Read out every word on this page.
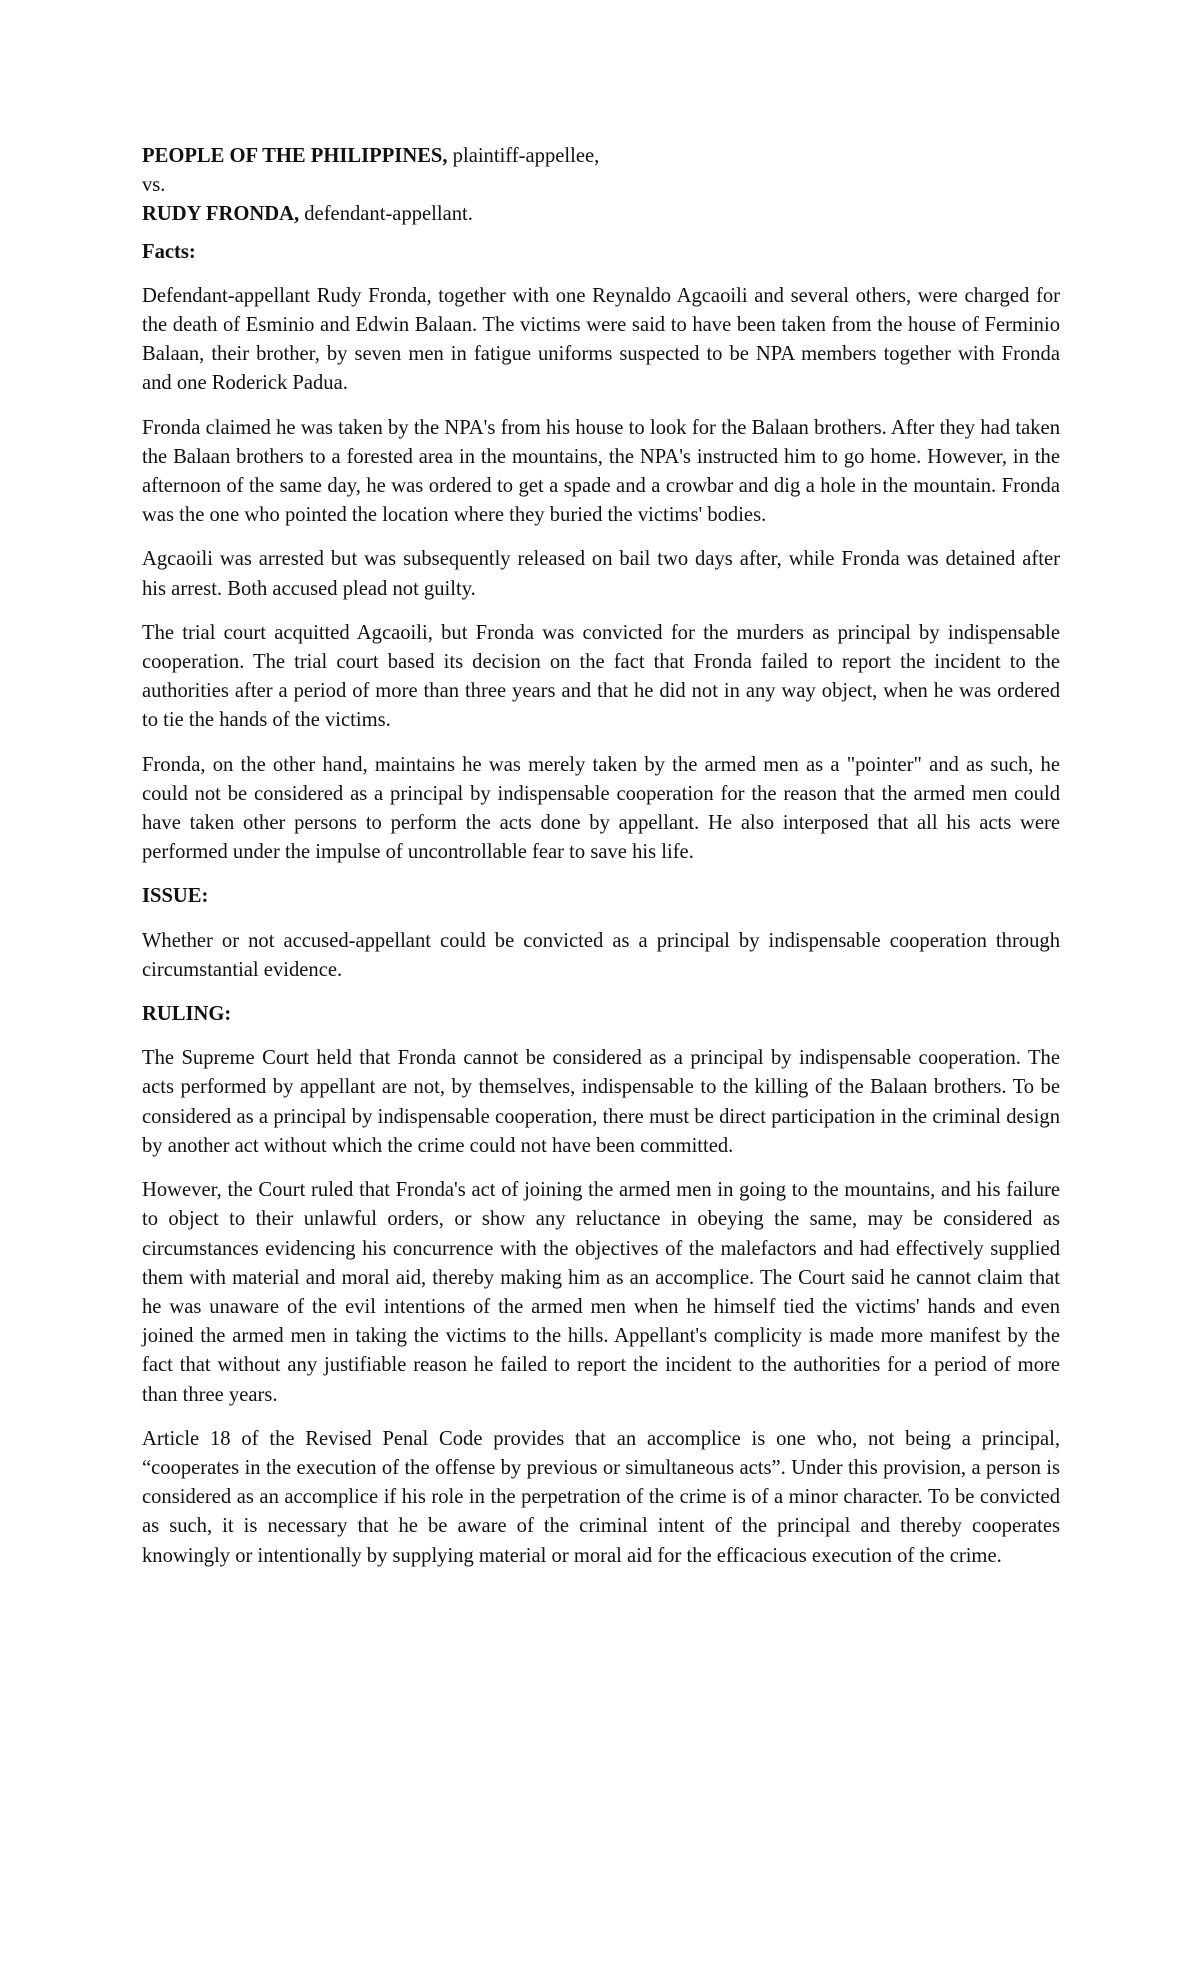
PEOPLE OF THE PHILIPPINES, plaintiff-appellee,
vs.
RUDY FRONDA, defendant-appellant.
Facts:

Defendant-appellant Rudy Fronda, together with one Reynaldo Agcaoili and several others, were charged for the death of Esminio and Edwin Balaan. The victims were said to have been taken from the house of Ferminio Balaan, their brother, by seven men in fatigue uniforms suspected to be NPA members together with Fronda and one Roderick Padua.

Fronda claimed he was taken by the NPA's from his house to look for the Balaan brothers. After they had taken the Balaan brothers to a forested area in the mountains, the NPA's instructed him to go home. However, in the afternoon of the same day, he was ordered to get a spade and a crowbar and dig a hole in the mountain. Fronda was the one who pointed the location where they buried the victims' bodies.

Agcaoili was arrested but was subsequently released on bail two days after, while Fronda was detained after his arrest. Both accused plead not guilty.

The trial court acquitted Agcaoili, but Fronda was convicted for the murders as principal by indispensable cooperation. The trial court based its decision on the fact that Fronda failed to report the incident to the authorities after a period of more than three years and that he did not in any way object, when he was ordered to tie the hands of the victims.

Fronda, on the other hand, maintains he was merely taken by the armed men as a "pointer" and as such, he could not be considered as a principal by indispensable cooperation for the reason that the armed men could have taken other persons to perform the acts done by appellant. He also interposed that all his acts were performed under the impulse of uncontrollable fear to save his life.

ISSUE:

Whether or not accused-appellant could be convicted as a principal by indispensable cooperation through circumstantial evidence.

RULING:

The Supreme Court held that Fronda cannot be considered as a principal by indispensable cooperation. The acts performed by appellant are not, by themselves, indispensable to the killing of the Balaan brothers. To be considered as a principal by indispensable cooperation, there must be direct participation in the criminal design by another act without which the crime could not have been committed.

However, the Court ruled that Fronda's act of joining the armed men in going to the mountains, and his failure to object to their unlawful orders, or show any reluctance in obeying the same, may be considered as circumstances evidencing his concurrence with the objectives of the malefactors and had effectively supplied them with material and moral aid, thereby making him as an accomplice. The Court said he cannot claim that he was unaware of the evil intentions of the armed men when he himself tied the victims' hands and even joined the armed men in taking the victims to the hills. Appellant's complicity is made more manifest by the fact that without any justifiable reason he failed to report the incident to the authorities for a period of more than three years.

Article 18 of the Revised Penal Code provides that an accomplice is one who, not being a principal, “cooperates in the execution of the offense by previous or simultaneous acts”. Under this provision, a person is considered as an accomplice if his role in the perpetration of the crime is of a minor character. To be convicted as such, it is necessary that he be aware of the criminal intent of the principal and thereby cooperates knowingly or intentionally by supplying material or moral aid for the efficacious execution of the crime.
